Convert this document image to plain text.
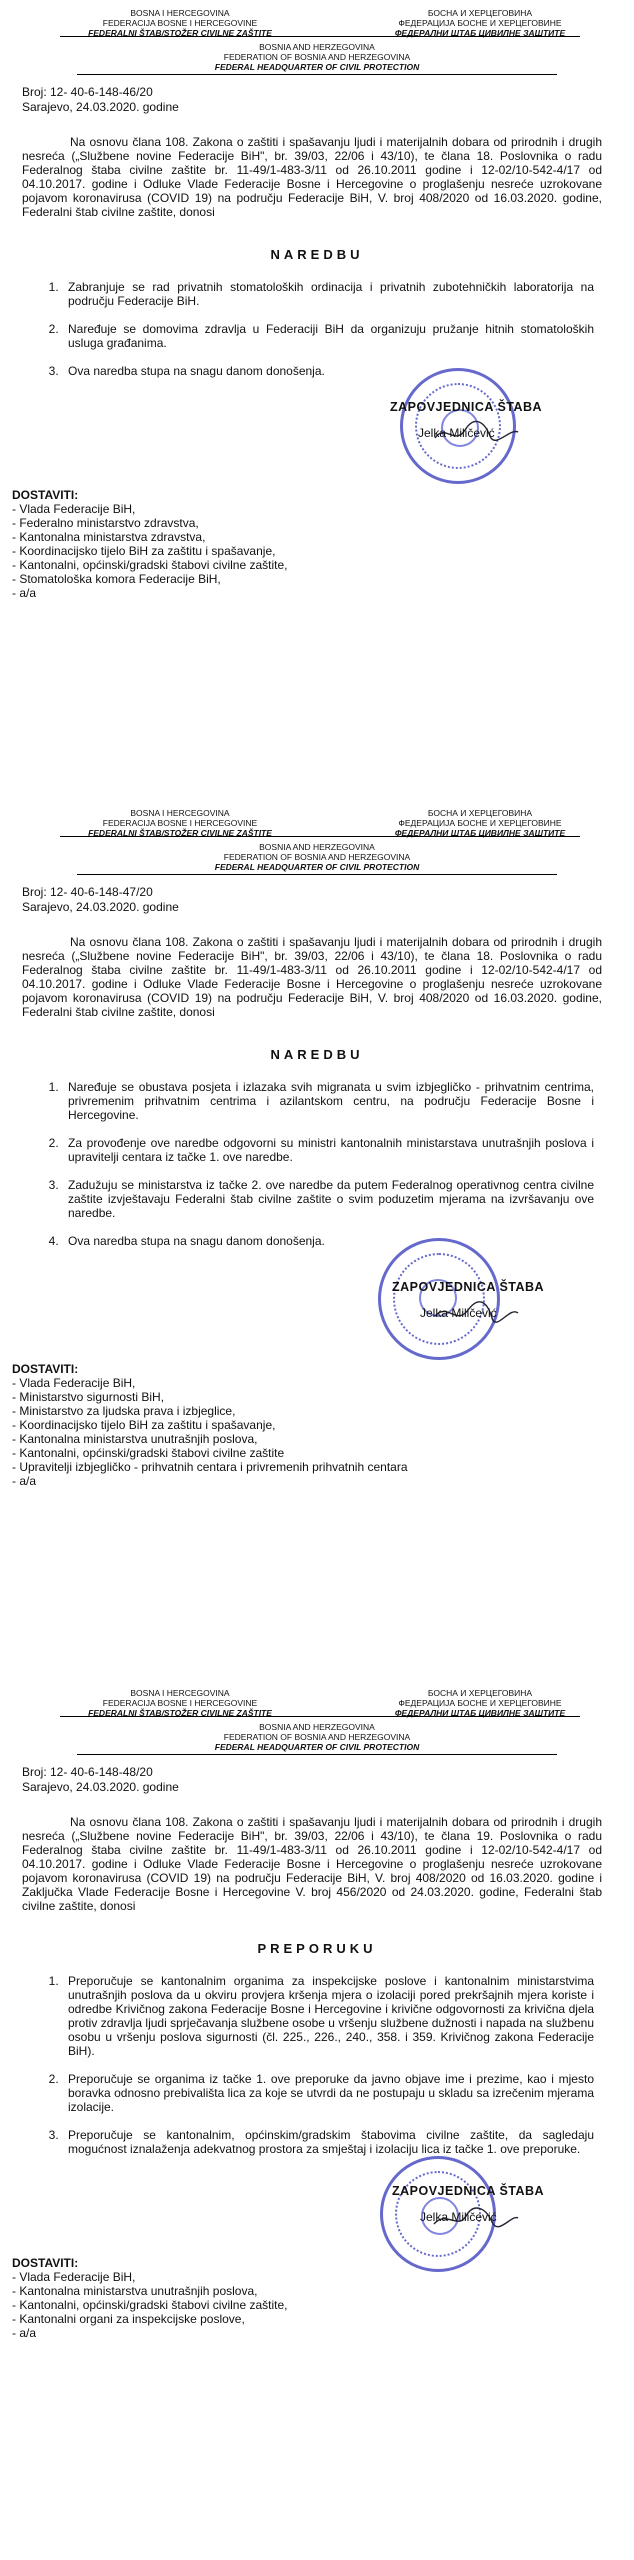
BOSNA I HERCEGOVINA
FEDERACIJA BOSNE I HERCEGOVINE
FEDERALNI ŠTAB/STOŽER CIVILNE ZAŠTITE
БОСНА И ХЕРЦЕГОВИНА
ФЕДЕРАЦИЈА БОСНЕ И ХЕРЦЕГОВИНЕ
ФЕДЕРАЛНИ ШТАБ ЦИВИЛНЕ ЗАШТИТЕ
BOSNIA AND HERZEGOVINA
FEDERATION OF BOSNIA AND HERZEGOVINA
FEDERAL HEADQUARTER OF CIVIL PROTECTION
Broj: 12- 40-6-148-46/20
Sarajevo, 24.03.2020. godine

Na osnovu člana 108. Zakona o zaštiti i spašavanju ljudi i materijalnih dobara od prirodnih i drugih nesreća („Službene novine Federacije BiH", br. 39/03, 22/06 i 43/10), te člana 18. Poslovnika o radu Federalnog štaba civilne zaštite br. 11-49/1-483-3/11 od 26.10.2011 godine i 12-02/10-542-4/17 od 04.10.2017. godine i Odluke Vlade Federacije Bosne i Hercegovine o proglašenju nesreće uzrokovane pojavom koronavirusa (COVID 19) na području Federacije BiH, V. broj 408/2020 od 16.03.2020. godine, Federalni štab civilne zaštite, donosi

NAREDBU
1. Zabranjuje se rad privatnih stomatoloških ordinacija i privatnih zubotehničkih laboratorija na području Federacije BiH.
2. Naređuje se domovima zdravlja u Federaciji BiH da organizuju pružanje hitnih stomatoloških usluga građanima.
3. Ova naredba stupa na snagu danom donošenja.
ZAPOVJEDNICA ŠTABA
Jelka Miličević
DOSTAVITI:
- Vlada Federacije BiH,
- Federalno ministarstvo zdravstva,
- Kantonalna ministarstva zdravstva,
- Koordinacijsko tijelo BiH za zaštitu i spašavanje,
- Kantonalni, općinski/gradski štabovi civilne zaštite,
- Stomatološka komora Federacije BiH,
- a/a
BOSNA I HERCEGOVINA
FEDERACIJA BOSNE I HERCEGOVINE
FEDERALNI ŠTAB/STOŽER CIVILNE ZAŠTITE
БОСНА И ХЕРЦЕГОВИНА
ФЕДЕРАЦИЈА БОСНЕ И ХЕРЦЕГОВИНЕ
ФЕДЕРАЛНИ ШТАБ ЦИВИЛНЕ ЗАШТИТЕ
BOSNIA AND HERZEGOVINA
FEDERATION OF BOSNIA AND HERZEGOVINA
FEDERAL HEADQUARTER OF CIVIL PROTECTION
Broj: 12- 40-6-148-47/20
Sarajevo, 24.03.2020. godine

Na osnovu člana 108. Zakona o zaštiti i spašavanju ljudi i materijalnih dobara od prirodnih i drugih nesreća („Službene novine Federacije BiH", br. 39/03, 22/06 i 43/10), te člana 18. Poslovnika o radu Federalnog štaba civilne zaštite br. 11-49/1-483-3/11 od 26.10.2011 godine i 12-02/10-542-4/17 od 04.10.2017. godine i Odluke Vlade Federacije Bosne i Hercegovine o proglašenju nesreće uzrokovane pojavom koronavirusa (COVID 19) na području Federacije BiH, V. broj 408/2020 od 16.03.2020. godine, Federalni štab civilne zaštite, donosi

NAREDBU
1. Naređuje se obustava posjeta i izlazaka svih migranata u svim izbjegličko - prihvatnim centrima, privremenim prihvatnim centrima i azilantskom centru, na području Federacije Bosne i Hercegovine.
2. Za provođenje ove naredbe odgovorni su ministri kantonalnih ministarstava unutrašnjih poslova i upravitelji centara iz tačke 1. ove naredbe.
3. Zadužuju se ministarstva iz tačke 2. ove naredbe da putem Federalnog operativnog centra civilne zaštite izvještavaju Federalni štab civilne zaštite o svim poduzetim mjerama na izvršavanju ove naredbe.
4. Ova naredba stupa na snagu danom donošenja.
ZAPOVJEDNICA ŠTABA
Jelka Miličević
DOSTAVITI:
- Vlada Federacije BiH,
- Ministarstvo sigurnosti BiH,
- Ministarstvo za ljudska prava i izbjeglice,
- Koordinacijsko tijelo BiH za zaštitu i spašavanje,
- Kantonalna ministarstva unutrašnjih poslova,
- Kantonalni, općinski/gradski štabovi civilne zaštite
- Upravitelji izbjegličko - prihvatnih centara i privremenih prihvatnih centara
- a/a
BOSNA I HERCEGOVINA
FEDERACIJA BOSNE I HERCEGOVINE
FEDERALNI ŠTAB/STOŽER CIVILNE ZAŠTITE
БОСНА И ХЕРЦЕГОВИНА
ФЕДЕРАЦИЈА БОСНЕ И ХЕРЦЕГОВИНЕ
ФЕДЕРАЛНИ ШТАБ ЦИВИЛНЕ ЗАШТИТЕ
BOSNIA AND HERZEGOVINA
FEDERATION OF BOSNIA AND HERZEGOVINA
FEDERAL HEADQUARTER OF CIVIL PROTECTION
Broj: 12- 40-6-148-48/20
Sarajevo, 24.03.2020. godine

Na osnovu člana 108. Zakona o zaštiti i spašavanju ljudi i materijalnih dobara od prirodnih i drugih nesreća („Službene novine Federacije BiH", br. 39/03, 22/06 i 43/10), te člana 19. Poslovnika o radu Federalnog štaba civilne zaštite br. 11-49/1-483-3/11 od 26.10.2011 godine i 12-02/10-542-4/17 od 04.10.2017. godine i Odluke Vlade Federacije Bosne i Hercegovine o proglašenju nesreće uzrokovane pojavom koronavirusa (COVID 19) na području Federacije BiH, V. broj 408/2020 od 16.03.2020. godine i Zaključka Vlade Federacije Bosne i Hercegovine V. broj 456/2020 od 24.03.2020. godine, Federalni štab civilne zaštite, donosi

PREPORUKU
1. Preporučuje se kantonalnim organima za inspekcijske poslove i kantonalnim ministarstvima unutrašnjih poslova da u okviru provjera kršenja mjera o izolaciji pored prekršajnih mjera koriste i odredbe Krivičnog zakona Federacije Bosne i Hercegovine i krivične odgovornosti za krivična djela protiv zdravlja ljudi sprječavanja službene osobe u vršenju službene dužnosti i napada na službenu osobu u vršenju poslova sigurnosti (čl. 225., 226., 240., 358. i 359. Krivičnog zakona Federacije BiH).
2. Preporučuje se organima iz tačke 1. ove preporuke da javno objave ime i prezime, kao i mjesto boravka odnosno prebivališta lica za koje se utvrdi da ne postupaju u skladu sa izrečenim mjerama izolacije.
3. Preporučuje se kantonalnim, općinskim/gradskim štabovima civilne zaštite, da sagledaju mogućnost iznalaženja adekvatnog prostora za smještaj i izolaciju lica iz tačke 1. ove preporuke.
ZAPOVJEDNICA ŠTABA
Jelka Miličević
DOSTAVITI:
- Vlada Federacije BiH,
- Kantonalna ministarstva unutrašnjih poslova,
- Kantonalni, općinski/gradski štabovi civilne zaštite,
- Kantonalni organi za inspekcijske poslove,
- a/a
